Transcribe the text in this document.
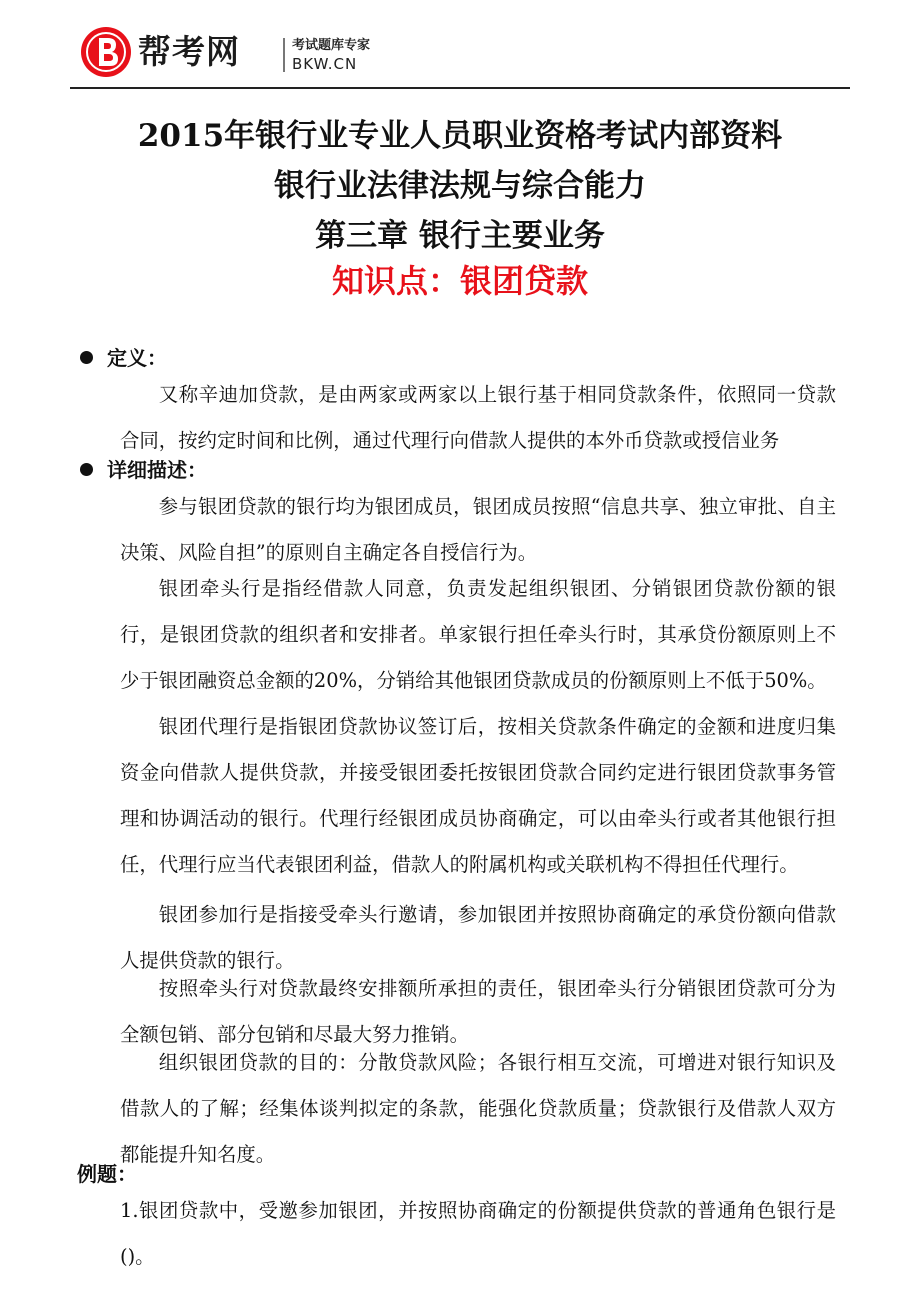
帮考网	考试题库专家
BKW.CN
2015年银行业专业人员职业资格考试内部资料
银行业法律法规与综合能力
第三章 银行主要业务
知识点：银团贷款
定义：

又称辛迪加贷款，是由两家或两家以上银行基于相同贷款条件，依照同一贷款合同，按约定时间和比例，通过代理行向借款人提供的本外币贷款或授信业务

详细描述：

参与银团贷款的银行均为银团成员，银团成员按照“信息共享、独立审批、自主决策、风险自担”的原则自主确定各自授信行为。

银团牵头行是指经借款人同意，负责发起组织银团、分销银团贷款份额的银行，是银团贷款的组织者和安排者。单家银行担任牵头行时，其承贷份额原则上不少于银团融资总金额的20%，分销给其他银团贷款成员的份额原则上不低于50%。

银团代理行是指银团贷款协议签订后，按相关贷款条件确定的金额和进度归集资金向借款人提供贷款，并接受银团委托按银团贷款合同约定进行银团贷款事务管理和协调活动的银行。代理行经银团成员协商确定，可以由牵头行或者其他银行担任，代理行应当代表银团利益，借款人的附属机构或关联机构不得担任代理行。

银团参加行是指接受牵头行邀请，参加银团并按照协商确定的承贷份额向借款人提供贷款的银行。

按照牵头行对贷款最终安排额所承担的责任，银团牵头行分销银团贷款可分为全额包销、部分包销和尽最大努力推销。

组织银团贷款的目的：分散贷款风险；各银行相互交流，可增进对银行知识及借款人的了解；经集体谈判拟定的条款，能强化贷款质量；贷款银行及借款人双方都能提升知名度。

例题：

1.银团贷款中，受邀参加银团，并按照协商确定的份额提供贷款的普通角色银行是()。
